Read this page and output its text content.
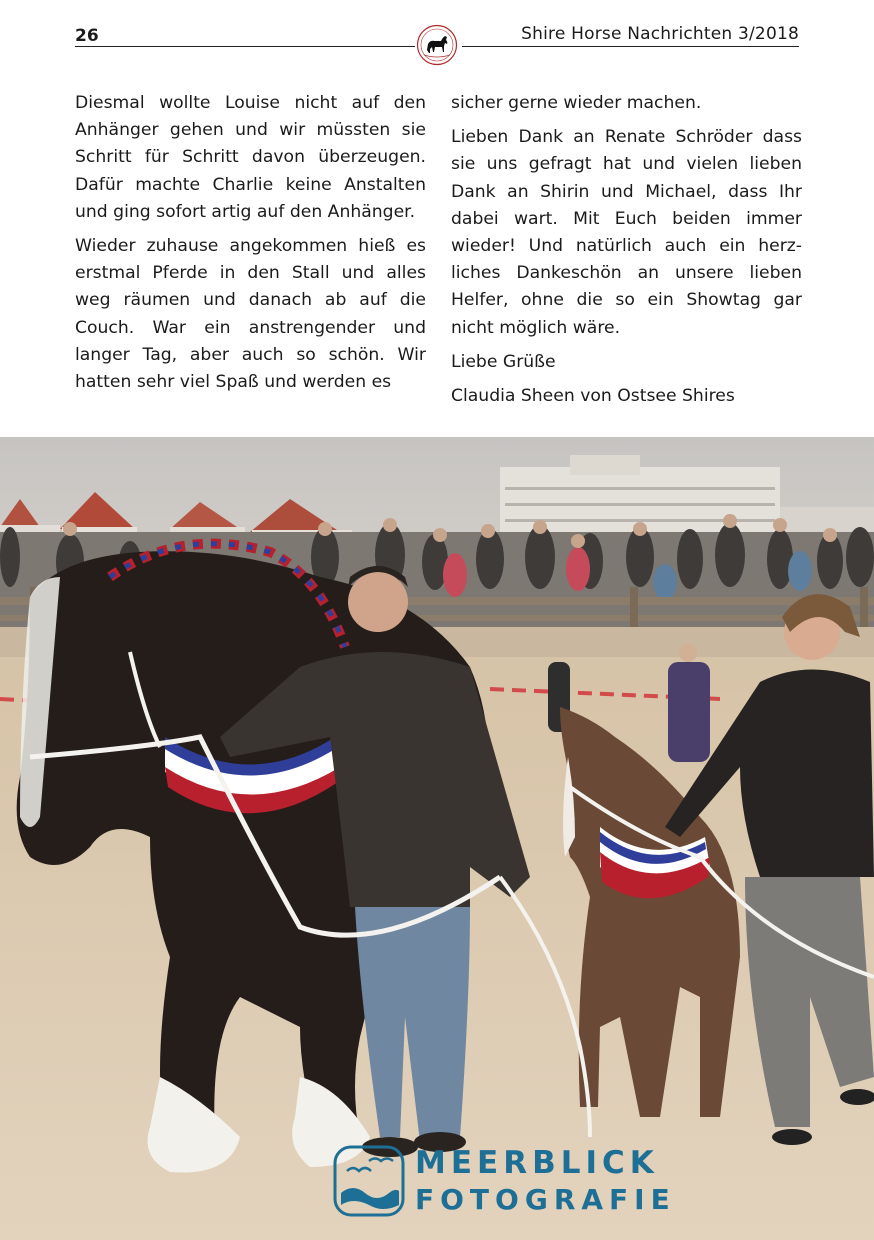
26	Shire Horse Nachrichten 3/2018

Diesmal wollte Louise nicht auf den Anhänger gehen und wir müssten sie Schritt für Schritt davon überzeugen. Dafür machte Charlie keine Anstalten und ging sofort artig auf den Anhänger.

Wieder zuhause angekommen hieß es erstmal Pferde in den Stall und alles weg räumen und danach ab auf die Couch. War ein anstrengender und langer Tag, aber auch so schön. Wir hatten sehr viel Spaß und werden es

sicher gerne wieder machen.

Lieben Dank an Renate Schröder dass sie uns gefragt hat und vielen lieben Dank an Shirin und Michael, dass Ihr dabei wart. Mit Euch beiden immer wieder! Und natürlich auch ein herzliches Dankeschön an unsere lieben Helfer, ohne die so ein Showtag gar nicht möglich wäre.

Liebe Grüße

Claudia Sheen von Ostsee Shires

MEERBLICK
FOTOGRAFIE
